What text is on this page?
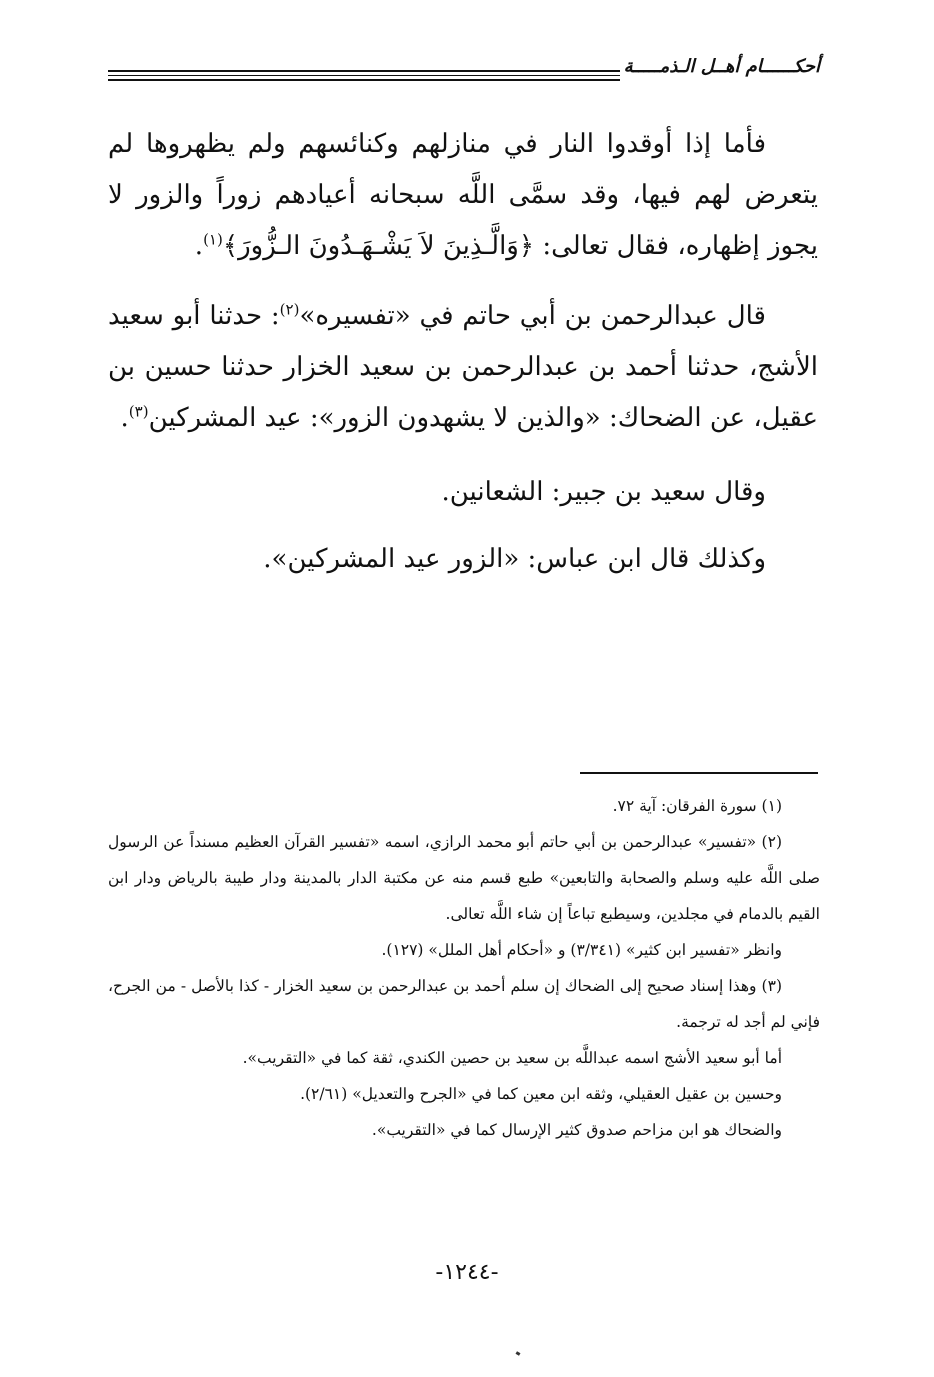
أحكــــــام أهــل الـذمـــــة

فأما إذا أوقدوا النار في منازلهم وكنائسهم ولم يظهروها لم يتعرض لهم فيها، وقد سمَّى اللَّه سبحانه أعيادهم زوراً والزور لا يجوز إظهاره، فقال تعالى: ﴿وَالَّـذِينَ لاَ يَشْـهَـدُونَ الـزُّورَ﴾$^{(١)}$.

قال عبدالرحمن بن أبي حاتم في «تفسيره»$^{(٢)}$: حدثنا أبو سعيد الأشج، حدثنا أحمد بن عبدالرحمن بن سعيد الخزار حدثنا حسين بن عقيل، عن الضحاك: «والذين لا يشهدون الزور»: عيد المشركين$^{(٣)}$.

وقال سعيد بن جبير: الشعانين.

وكذلك قال ابن عباس: «الزور عيد المشركين».

(١) سورة الفرقان: آية ٧٢.

(٢) «تفسير» عبدالرحمن بن أبي حاتم أبو محمد الرازي، اسمه «تفسير القرآن العظيم مسنداً عن الرسول صلى اللَّه عليه وسلم والصحابة والتابعين» طبع قسم منه عن مكتبة الدار بالمدينة ودار طيبة بالرياض ودار ابن القيم بالدمام في مجلدين، وسيطبع تباعاً إن شاء اللَّه تعالى.

وانظر «تفسير ابن كثير» (٣/٣٤١) و «أحكام أهل الملل» (١٢٧).

(٣) وهذا إسناد صحيح إلى الضحاك إن سلم أحمد بن عبدالرحمن بن سعيد الخزار - كذا بالأصل - من الجرح، فإني لم أجد له ترجمة.

أما أبو سعيد الأشج اسمه عبداللَّه بن سعيد بن حصين الكندي، ثقة كما في «التقريب».

وحسين بن عقيل العقيلي، وثقه ابن معين كما في «الجرح والتعديل» (٢/٦١).

والضحاك هو ابن مزاحم صدوق كثير الإرسال كما في «التقريب».

-١٢٤٤-
